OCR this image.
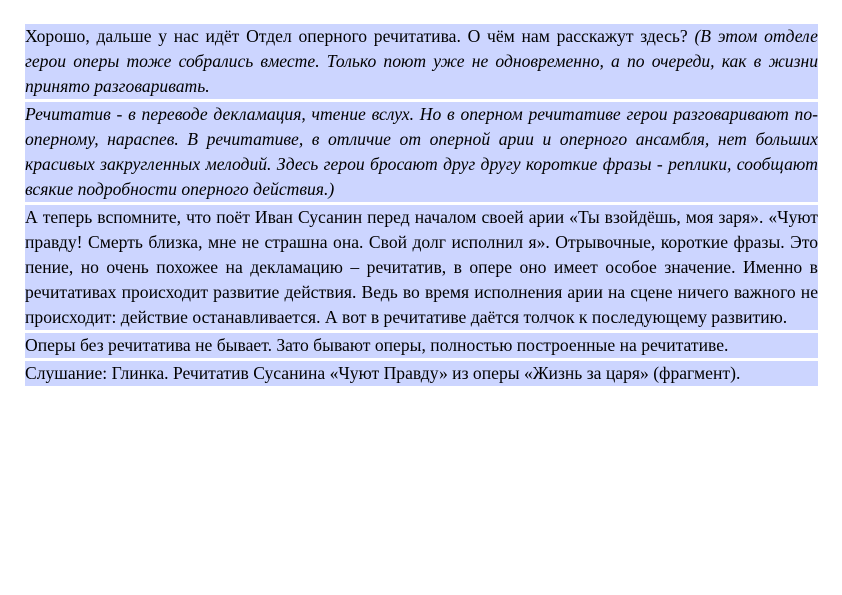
Хорошо, дальше у нас идёт Отдел оперного речитатива. О чём нам расскажут здесь? (В этом отделе герои оперы тоже собрались вместе. Только поют уже не одновременно, а по очереди, как в жизни принято разговаривать.

Речитатив - в переводе декламация, чтение вслух. Но в оперном речитативе герои разговаривают по-оперному, нараспев. В речитативе, в отличие от оперной арии и оперного ансамбля, нет больших красивых закругленных мелодий. Здесь герои бросают друг другу короткие фразы - реплики, сообщают всякие подробности оперного действия.)

А теперь вспомните, что поёт Иван Сусанин перед началом своей арии «Ты взойдёшь, моя заря». «Чуют правду! Смерть близка, мне не страшна она. Свой долг исполнил я». Отрывочные, короткие фразы. Это пение, но очень похожее на декламацию – речитатив, в опере оно имеет особое значение. Именно в речитативах происходит развитие действия. Ведь во время исполнения арии на сцене ничего важного не происходит: действие останавливается. А вот в речитативе даётся толчок к последующему развитию.

Оперы без речитатива не бывает. Зато бывают оперы, полностью построенные на речитативе.

Слушание: Глинка. Речитатив Сусанина «Чуют Правду» из оперы «Жизнь за царя» (фрагмент).
